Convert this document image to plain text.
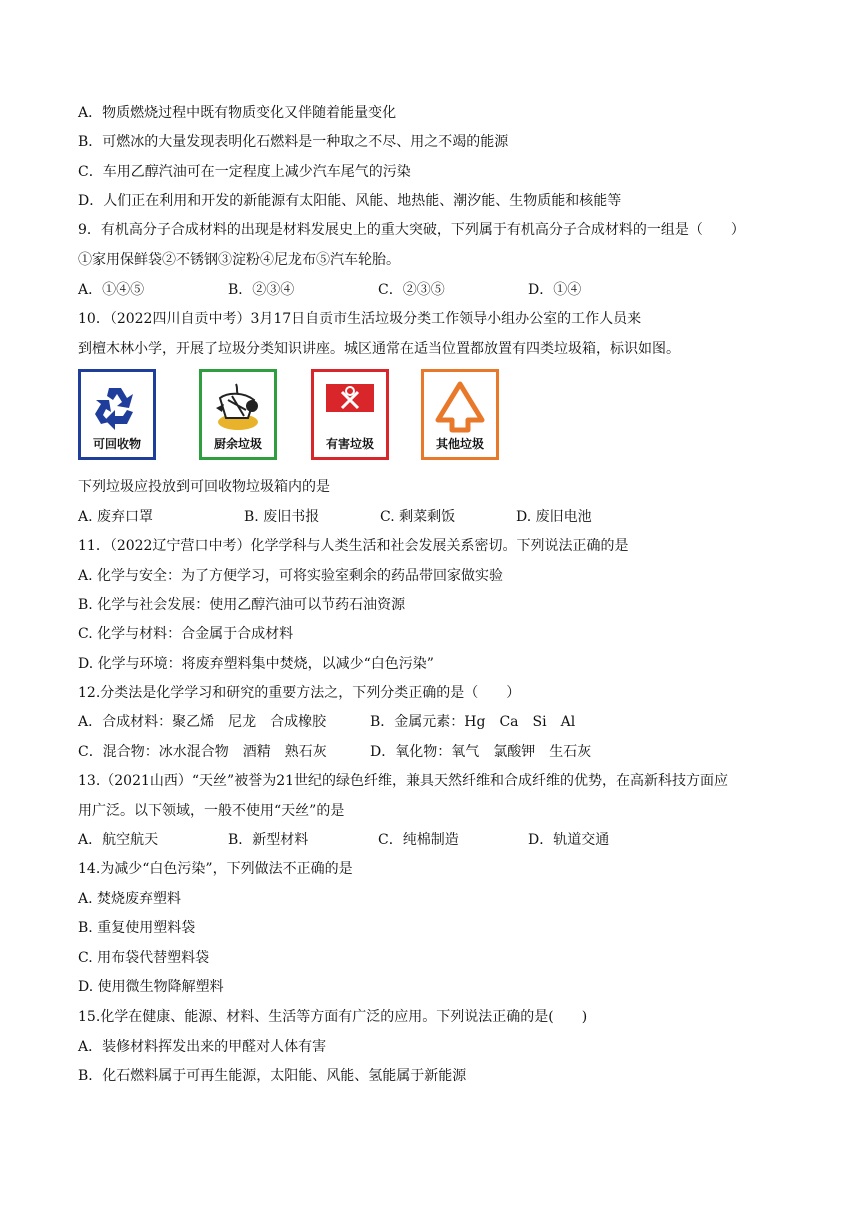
A．物质燃烧过程中既有物质变化又伴随着能量变化
B．可燃冰的大量发现表明化石燃料是一种取之不尽、用之不竭的能源
C．车用乙醇汽油可在一定程度上减少汽车尾气的污染
D．人们正在利用和开发的新能源有太阳能、风能、地热能、潮汐能、生物质能和核能等
9．有机高分子合成材料的出现是材料发展史上的重大突破，下列属于有机高分子合成材料的一组是（　　）
①家用保鲜袋②不锈钢③淀粉④尼龙布⑤汽车轮胎。
A．①④⑤	B．②③④	C．②③⑤	D．①④
10．（2022四川自贡中考）3月17日自贡市生活垃圾分类工作领导小组办公室的工作人员来
到檀木林小学，开展了垃圾分类知识讲座。城区通常在适当位置都放置有四类垃圾箱，标识如图。
可回收物	厨余垃圾	有害垃圾	其他垃圾
下列垃圾应投放到可回收物垃圾箱内的是
A. 废弃口罩	B. 废旧书报	C. 剩菜剩饭	D. 废旧电池
11．（2022辽宁营口中考）化学学科与人类生活和社会发展关系密切。下列说法正确的是
A. 化学与安全：为了方便学习，可将实验室剩余的药品带回家做实验
B. 化学与社会发展：使用乙醇汽油可以节药石油资源
C. 化学与材料：合金属于合成材料
D. 化学与环境：将废弃塑料集中焚烧，以减少“白色污染”
12.分类法是化学学习和研究的重要方法之，下列分类正确的是（　　）
A．合成材料：聚乙烯　尼龙　合成橡胶	B．金属元素：Hg　Ca　Si　Al
C．混合物：冰水混合物　酒精　熟石灰	D．氧化物：氧气　氯酸钾　生石灰
13.（2021山西）“天丝”被誉为21世纪的绿色纤维，兼具天然纤维和合成纤维的优势，在高新科技方面应
用广泛。以下领域，一般不使用“天丝”的是
A．航空航天	B．新型材料	C．纯棉制造	D．轨道交通
14.为减少“白色污染”，下列做法不正确的是
A. 焚烧废弃塑料
B. 重复使用塑料袋
C. 用布袋代替塑料袋
D. 使用微生物降解塑料
15.化学在健康、能源、材料、生活等方面有广泛的应用。下列说法正确的是(　　)
A．装修材料挥发出来的甲醛对人体有害
B．化石燃料属于可再生能源，太阳能、风能、氢能属于新能源
